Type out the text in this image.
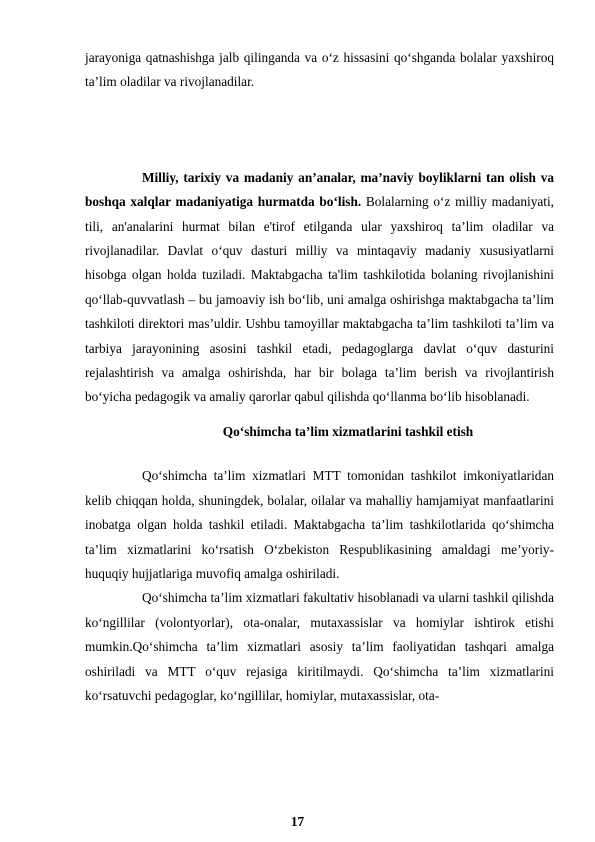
jarayoniga qatnashishga jalb qilinganda va o‘z hissasini qo‘shganda bolalar yaxshiroq ta’lim oladilar va rivojlanadilar.

Milliy, tarixiy va madaniy an’analar, ma’naviy boyliklarni tan olish va boshqa xalqlar madaniyatiga hurmatda bo‘lish. Bolalarning o‘z milliy madaniyati, tili, an'analarini hurmat bilan e'tirof etilganda ular yaxshiroq ta’lim oladilar va rivojlanadilar. Davlat o‘quv dasturi milliy va mintaqaviy madaniy xususiyatlarni hisobga olgan holda tuziladi. Maktabgacha ta'lim tashkilotida bolaning rivojlanishini qo‘llab-quvvatlash – bu jamoaviy ish bo‘lib, uni amalga oshirishga maktabgacha ta’lim tashkiloti direktori mas’uldir. Ushbu tamoyillar maktabgacha ta’lim tashkiloti ta’lim va tarbiya jarayonining asosini tashkil etadi, pedagoglarga davlat o‘quv dasturini rejalashtirish va amalga oshirishda, har bir bolaga ta’lim berish va rivojlantirish bo‘yicha pedagogik va amaliy qarorlar qabul qilishda qo‘llanma bo‘lib hisoblanadi.

Qo‘shimcha ta’lim xizmatlarini tashkil etish

Qo‘shimcha ta’lim xizmatlari MTT tomonidan tashkilot imkoniyatlaridan kelib chiqqan holda, shuningdek, bolalar, oilalar va mahalliy hamjamiyat manfaatlarini inobatga olgan holda tashkil etiladi. Maktabgacha ta’lim tashkilotlarida qo‘shimcha ta’lim xizmatlarini ko‘rsatish O‘zbekiston Respublikasining amaldagi me’yoriy-huquqiy hujjatlariga muvofiq amalga oshiriladi.

Qo‘shimcha ta’lim xizmatlari fakultativ hisoblanadi va ularni tashkil qilishda ko‘ngillilar (volontyorlar), ota-onalar, mutaxassislar va homiylar ishtirok etishi mumkin.Qo‘shimcha ta’lim xizmatlari asosiy ta’lim faoliyatidan tashqari amalga oshiriladi va MTT o‘quv rejasiga kiritilmaydi. Qo‘shimcha ta’lim xizmatlarini ko‘rsatuvchi pedagoglar, ko‘ngillilar, homiylar, mutaxassislar, ota-

17
